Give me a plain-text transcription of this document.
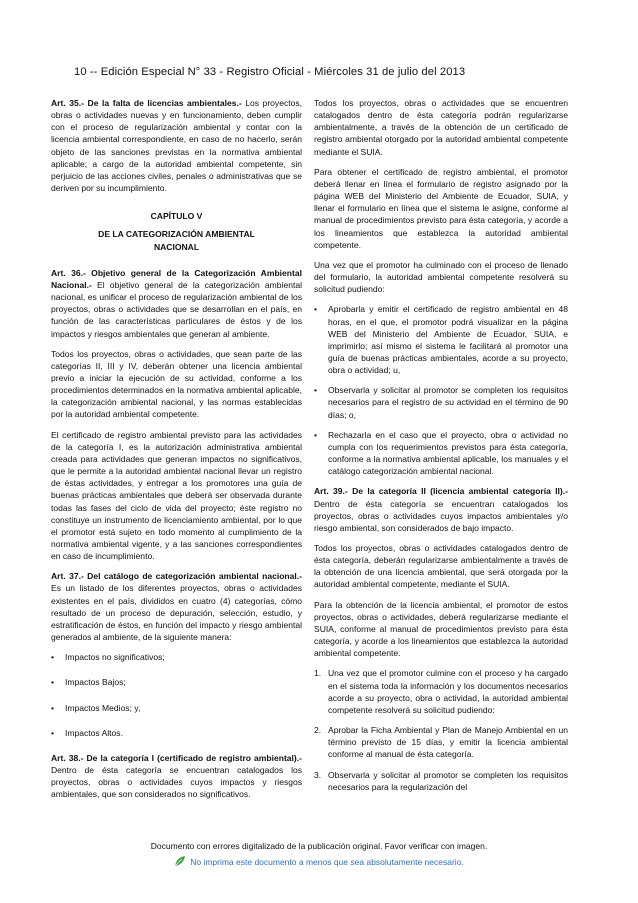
10 -- Edición Especial N° 33 - Registro Oficial - Miércoles 31 de julio del 2013

Art. 35.- De la falta de licencias ambientales.- Los proyectos, obras o actividades nuevas y en funcionamiento, deben cumplir con el proceso de regularización ambiental y contar con la licencia ambiental correspondiente, en caso de no hacerlo, serán objeto de las sanciones previstas en la normativa ambiental aplicable; a cargo de la autoridad ambiental competente, sin perjuicio de las acciones civiles, penales o administrativas que se deriven por su incumplimiento.

CAPÍTULO V

DE LA CATEGORIZACIÓN AMBIENTAL

NACIONAL

Art. 36.- Objetivo general de la Categorización Ambiental Nacional.- El objetivo general de la categorización ambiental nacional, es unificar el proceso de regularización ambiental de los proyectos, obras o actividades que se desarrollan en el país, en función de las características particulares de éstos y de los impactos y riesgos ambientales que generan al ambiente.

Todos los proyectos, obras o actividades, que sean parte de las categorías II, III y IV, deberán obtener una licencia ambiental previo a iniciar la ejecución de su actividad, conforme a los procedimientos determinados en la normativa ambiental aplicable, la categorización ambiental nacional, y las normas establecidas por la autoridad ambiental competente.

El certificado de registro ambiental previsto para las actividades de la categoría I, es la autorización administrativa ambiental creada para actividades que generan impactos no significativos, que le permite a la autoridad ambiental nacional llevar un registro de éstas actividades, y entregar a los promotores una guía de buenas prácticas ambientales que deberá ser observada durante todas las fases del ciclo de vida del proyecto; éste registro no constituye un instrumento de licenciamiento ambiental, por lo que el promotor está sujeto en todo momento al cumplimiento de la normativa ambiental vigente, y a las sanciones correspondientes en caso de incumplimiento.

Art. 37.- Del catálogo de categorización ambiental nacional.- Es un listado de los diferentes proyectos, obras o actividades existentes en el país, divididos en cuatro (4) categorías, cómo resultado de un proceso de depuración, selección, estudio, y estratificación de éstos, en función del impacto y riesgo ambiental generados al ambiente, de la siguiente manera:

•	Impactos no significativos;
•	Impactos Bajos;
•	Impactos Medios; y,
•	Impactos Altos.

Art. 38.- De la categoría I (certificado de registro ambiental).- Dentro de ésta categoría se encuentran catalogados los proyectos, obras o actividades cuyos impactos y riesgos ambientales, que son considerados no significativos.

Todos los proyectos, obras o actividades que se encuentren catalogados dentro de ésta categoría podrán regularizarse ambientalmente, a través de la obtención de un certificado de registro ambiental otorgado por la autoridad ambiental competente mediante el SUIA.

Para obtener el certificado de registro ambiental, el promotor deberá llenar en línea el formulario de registro asignado por la página WEB del Ministerio del Ambiente de Ecuador, SUIA, y llenar el formulario en línea que el sistema le asigne, conforme al manual de procedimientos previsto para ésta categoría, y acorde a los lineamientos que establezca la autoridad ambiental competente.

Una vez que el promotor ha culminado con el proceso de llenado del formulario, la autoridad ambiental competente resolverá su solicitud pudiendo:

•	Aprobarla y emitir el certificado de registro ambiental en 48 horas, en el que, el promotor podrá visualizar en la página WEB del Ministerio del Ambiente de Ecuador, SUIA, e imprimirlo; así mismo el sistema le facilitará al promotor una guía de buenas prácticas ambientales, acorde a su proyecto, obra o actividad; u,
•	Observarla y solicitar al promotor se completen los requisitos necesarios para el registro de su actividad en el término de 90 días; o,
•	Rechazarla en el caso que el proyecto, obra o actividad no cumpla con los requerimientos previstos para ésta categoría, conforme a la normativa ambiental aplicable, los manuales y el catálogo categorización ambiental nacional.

Art. 39.- De la categoría II (licencia ambiental categoría II).- Dentro de ésta categoría se encuentran catalogados los proyectos, obras o actividades cuyos impactos ambientales y/o riesgo ambiental, son considerados de bajo impacto.

Todos los proyectos, obras o actividades catalogados dentro de ésta categoría, deberán regularizarse ambientalmente a través de la obtención de una licencia ambiental, que será otorgada por la autoridad ambiental competente, mediante el SUIA.

Para la obtención de la licencia ambiental, el promotor de estos proyectos, obras o actividades, deberá regularizarse mediante el SUIA, conforme al manual de procedimientos previsto para ésta categoría, y acorde a los lineamientos que establezca la autoridad ambiental competente.

1. Una vez que el promotor culmine con el proceso y ha cargado en el sistema toda la información y los documentos necesarios acorde a su proyecto, obra o actividad, la autoridad ambiental competente resolverá su solicitud pudiendo:
2. Aprobar la Ficha Ambiental y Plan de Manejo Ambiental en un término previsto de 15 días, y emitir la licencia ambiental conforme al manual de ésta categoría.
3. Observarla y solicitar al promotor se completen los requisitos necesarios para la regularización del
Documento con errores digitalizado de la publicación original. Favor verificar con imagen.
No imprima este documento a menos que sea absolutamente necesario.
